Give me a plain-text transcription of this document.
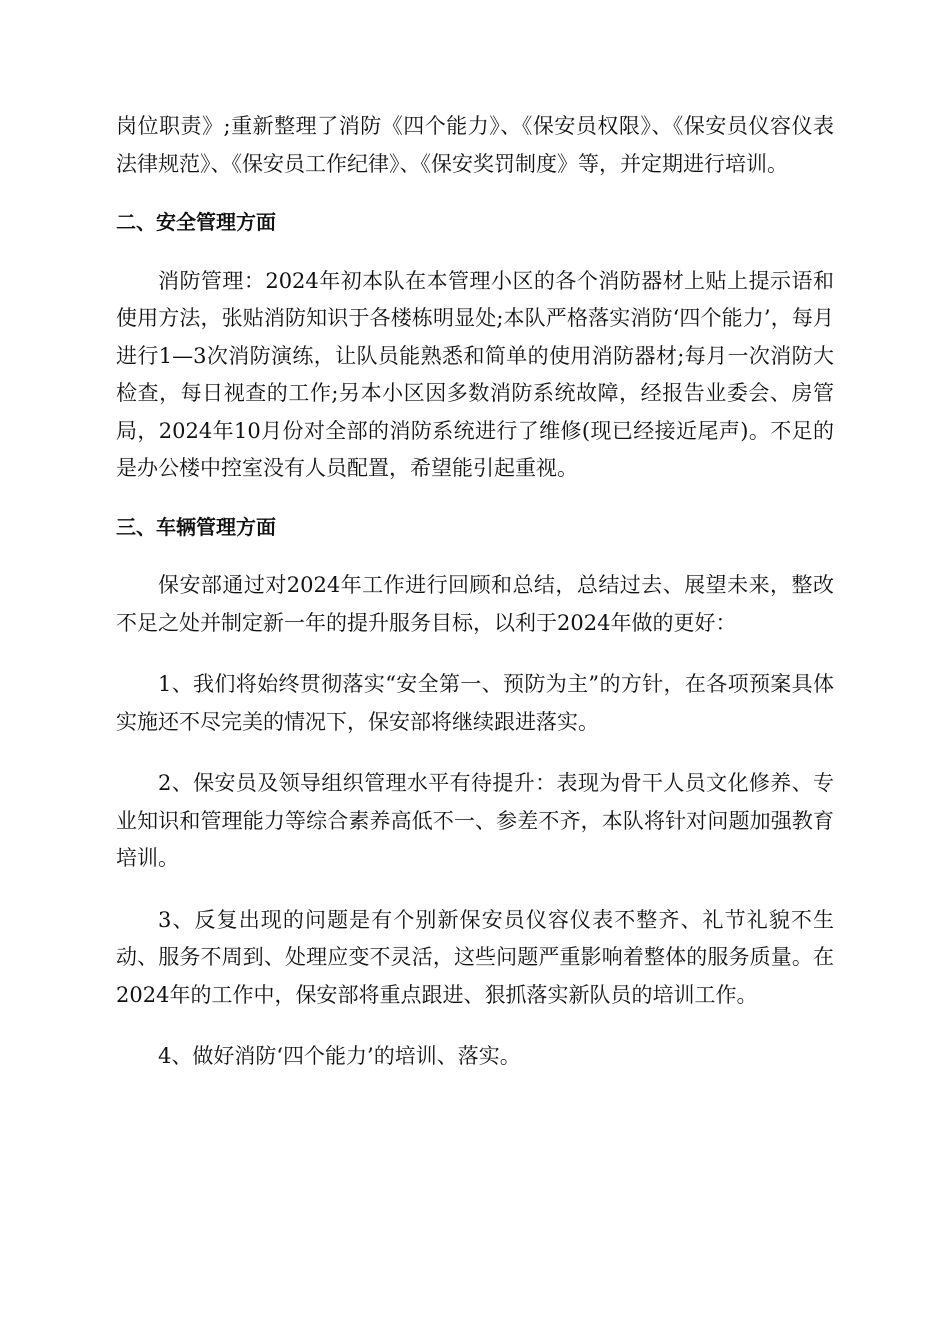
岗位职责》;重新整理了消防《四个能力》、《保安员权限》、《保安员仪容仪表法律规范》、《保安员工作纪律》、《保安奖罚制度》等，并定期进行培训。

二、安全管理方面

消防管理：2024年初本队在本管理小区的各个消防器材上贴上提示语和使用方法，张贴消防知识于各楼栋明显处;本队严格落实消防‘四个能力’，每月进行1—3次消防演练，让队员能熟悉和简单的使用消防器材;每月一次消防大检查，每日视查的工作;另本小区因多数消防系统故障，经报告业委会、房管局，2024年10月份对全部的消防系统进行了维修(现已经接近尾声)。不足的是办公楼中控室没有人员配置，希望能引起重视。

三、车辆管理方面

保安部通过对2024年工作进行回顾和总结，总结过去、展望未来，整改不足之处并制定新一年的提升服务目标，以利于2024年做的更好：

1、我们将始终贯彻落实“安全第一、预防为主”的方针，在各项预案具体实施还不尽完美的情况下，保安部将继续跟进落实。

2、保安员及领导组织管理水平有待提升：表现为骨干人员文化修养、专业知识和管理能力等综合素养高低不一、参差不齐，本队将针对问题加强教育培训。

3、反复出现的问题是有个别新保安员仪容仪表不整齐、礼节礼貌不生动、服务不周到、处理应变不灵活，这些问题严重影响着整体的服务质量。在2024年的工作中，保安部将重点跟进、狠抓落实新队员的培训工作。

4、做好消防‘四个能力’的培训、落实。
